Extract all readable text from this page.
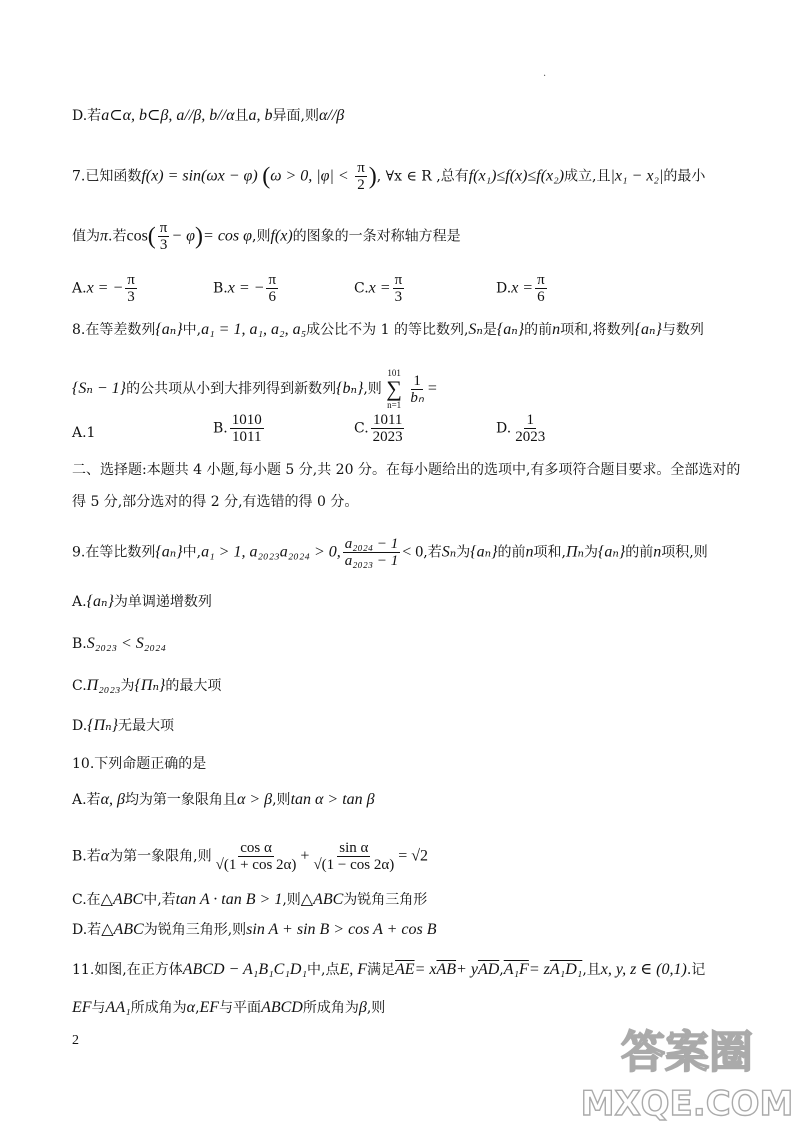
.
D.若a⊂α, b⊂β, a//β, b//α且a, b异面,则α//β
7.已知函数f(x) = sin(ωx − φ) (ω > 0, $|\varphi| < \frac{\pi}{2}$ ), ∀x ∈ R ,总有f(x₁)≤f(x)≤f(x₂)成立,且|x₁ − x₂|的最小
值为π.若$\cos( \frac{\pi}{3} - \varphi)= \cos \varphi$,则f(x)的图象的一条对称轴方程是
A.x = − $\frac{\pi}{3}$	B.x = − $\frac{\pi}{6}$	$C.x = \frac{\pi}{3}$	$D.x = \frac{\pi}{6}$
8.在等差数列{aₙ}中,a₁ = 1, a₁, a₂, a₅成公比不为 1 的等比数列,Sₙ是{aₙ}的前n项和,将数列{aₙ}与数列
{Sₙ − 1}的公共项从小到大排列得到新数列{bₙ},则
101
∑
n=1
$\frac{1}{\text{bₙ}}$ =
A.1	B. $\frac{1010}{1011}$	C. $\frac{1011}{2023}$	D. $\frac{1}{2023}$
二、选择题:本题共 4 小题,每小题 5 分,共 20 分。在每小题给出的选项中,有多项符合题目要求。全部选对的
得 5 分,部分选对的得 2 分,有选错的得 0 分。
9.在等比数列{aₙ}中,a₁ > 1, a₂₀₂₃a₂₀₂₄ > 0, $\frac{\text{a₂₀₂₄ − 1}}{\text{a₂₀₂₃ − 1}} < 0$,若Sₙ为{aₙ}的前n项和,Πₙ为{aₙ}的前n项积,则
A.{aₙ}为单调递增数列
B.S₂₀₂₃ < S₂₀₂₄
C.Π₂₀₂₃为{Πₙ}的最大项
D.{Πₙ}无最大项
10.下列命题正确的是
A.若α, β均为第一象限角且α > β,则tan α > tan β
B.若α为第一象限角,则 $\frac{\text{cos α}}{√(1 + \cos 2\alpha)} + \frac{\text{sin α}}{√(1 - \cos 2\alpha)} = √2$
C.在△ABC中,若tan A · tan B > 1,则△ABC为锐角三角形
D.若△ABC为锐角三角形,则sin A + sin B > cos A + cos B
11.如图,在正方体ABCD − A₁B₁C₁D₁中,点E, F满足$\overline{AE}= x\overline{AB}+ y\overline{AD},A_1F= zA_1D_1$,且x, y, z ∈ (0,1).记
EF与AA₁所成角为α,EF与平面ABCD所成角为β,则
2	答案圈
MXQE.COM
